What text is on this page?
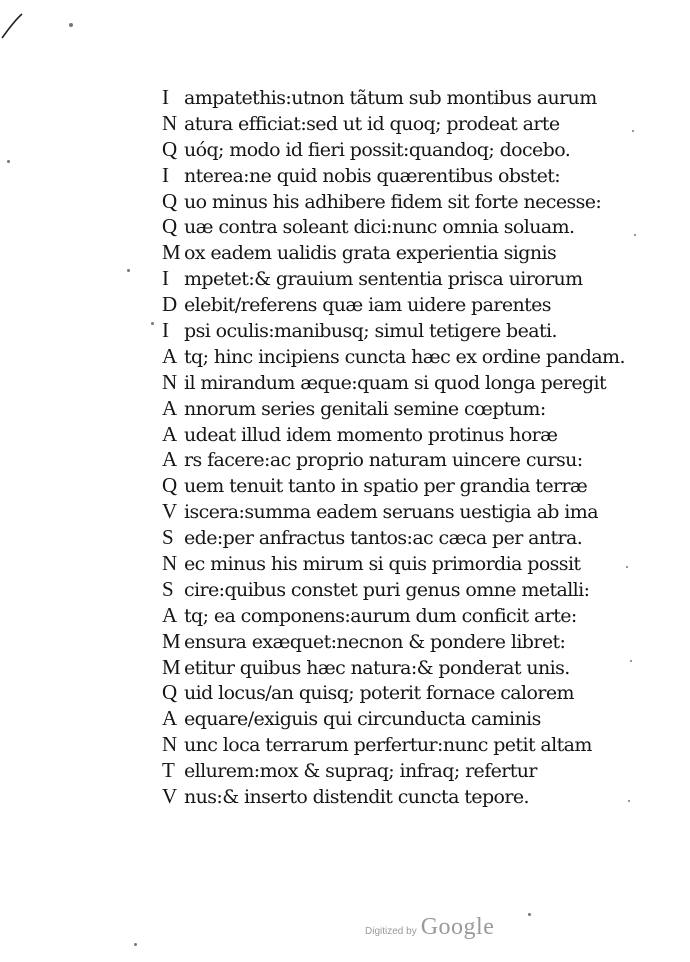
I ampatethis:utnon tãtum sub montibus aurum
N atura efficiat:sed ut id quoq; prodeat arte
Q uóq; modo id fieri possit:quandoq; docebo.
I nterea:ne quid nobis quærentibus obstet:
Q uo minus his adhibere fidem sit forte necesse:
Q uæ contra soleant dici:nunc omnia soluam.
M ox eadem ualidis grata experientia signis
I mpetet:& grauium sententia prisca uirorum
D elebit/referens quæ iam uidere parentes
I psi oculis:manibusq; simul tetigere beati.
A tq; hinc incipiens cuncta hæc ex ordine pandam.
N il mirandum æque:quam si quod longa peregit
A nnorum series genitali semine cœptum:
A udeat illud idem momento protinus horæ
A rs facere:ac proprio naturam uincere cursu:
Q uem tenuit tanto in spatio per grandia terræ
V iscera:summa eadem seruans uestigia ab ima
S ede:per anfractus tantos:ac cæca per antra.
N ec minus his mirum si quis primordia possit
S cire:quibus constet puri genus omne metalli:
A tq; ea componens:aurum dum conficit arte:
M ensura exæquet:necnon & pondere libret:
M etitur quibus hæc natura:& ponderat unis.
Q uid locus/an quisq; poterit fornace calorem
A equare/exiguis qui circunducta caminis
N unc loca terrarum perfertur:nunc petit altam
T ellurem:mox & supraq; infraq; refertur
V nus:& inserto distendit cuncta tepore.
Digitized by Google
